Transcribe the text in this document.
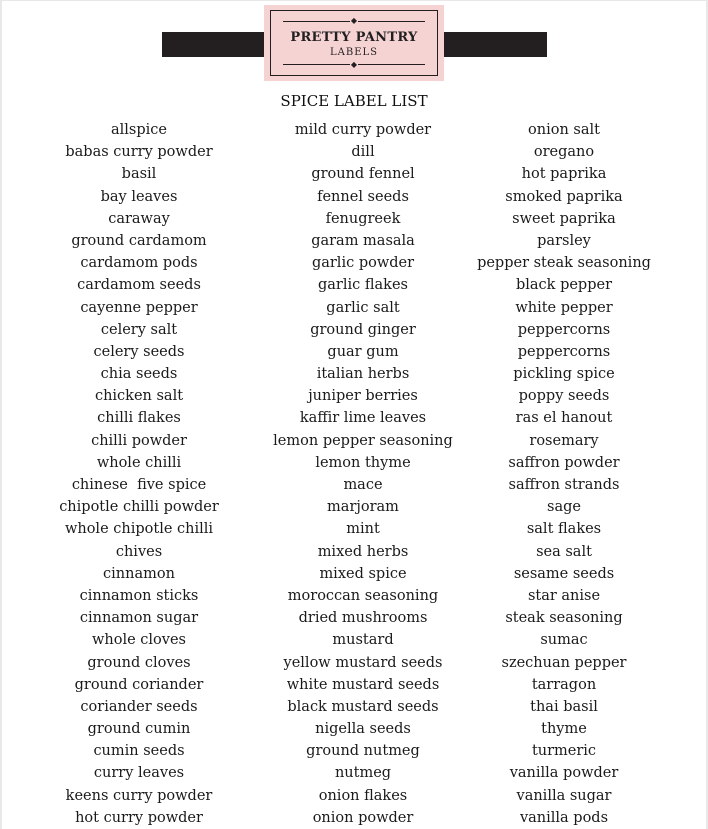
◆
PRETTY PANTRY
LABELS
◆
SPICE LABEL LIST
allspice
babas curry powder
basil
bay leaves
caraway
ground cardamom
cardamom pods
cardamom seeds
cayenne pepper
celery salt
celery seeds
chia seeds
chicken salt
chilli flakes
chilli powder
whole chilli
chinese  five spice
chipotle chilli powder
whole chipotle chilli
chives
cinnamon
cinnamon sticks
cinnamon sugar
whole cloves
ground cloves
ground coriander
coriander seeds
ground cumin
cumin seeds
curry leaves
keens curry powder
hot curry powder
mild curry powder
dill
ground fennel
fennel seeds
fenugreek
garam masala
garlic powder
garlic flakes
garlic salt
ground ginger
guar gum
italian herbs
juniper berries
kaffir lime leaves
lemon pepper seasoning
lemon thyme
mace
marjoram
mint
mixed herbs
mixed spice
moroccan seasoning
dried mushrooms
mustard
yellow mustard seeds
white mustard seeds
black mustard seeds
nigella seeds
ground nutmeg
nutmeg
onion flakes
onion powder
onion salt
oregano
hot paprika
smoked paprika
sweet paprika
parsley
pepper steak seasoning
black pepper
white pepper
peppercorns
peppercorns
pickling spice
poppy seeds
ras el hanout
rosemary
saffron powder
saffron strands
sage
salt flakes
sea salt
sesame seeds
star anise
steak seasoning
sumac
szechuan pepper
tarragon
thai basil
thyme
turmeric
vanilla powder
vanilla sugar
vanilla pods
